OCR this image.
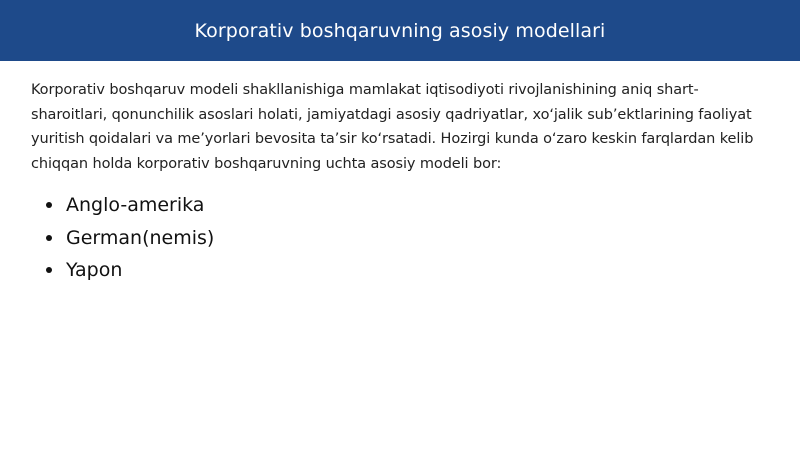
Korporativ boshqaruvning asosiy modellari

Korporativ boshqaruv modeli shakllanishiga mamlakat iqtisodiyoti rivojlanishining aniq shart-sharoitlari, qonunchilik asoslari holati, jamiyatdagi asosiy qadriyatlar, xo‘jalik sub’ektlarining faoliyat yuritish qoidalari va me’yorlari bevosita ta’sir ko‘rsatadi. Hozirgi kunda o‘zaro keskin farqlardan kelib chiqqan holda korporativ boshqaruvning uchta asosiy modeli bor:

Anglo-amerika
German(nemis)
Yapon
